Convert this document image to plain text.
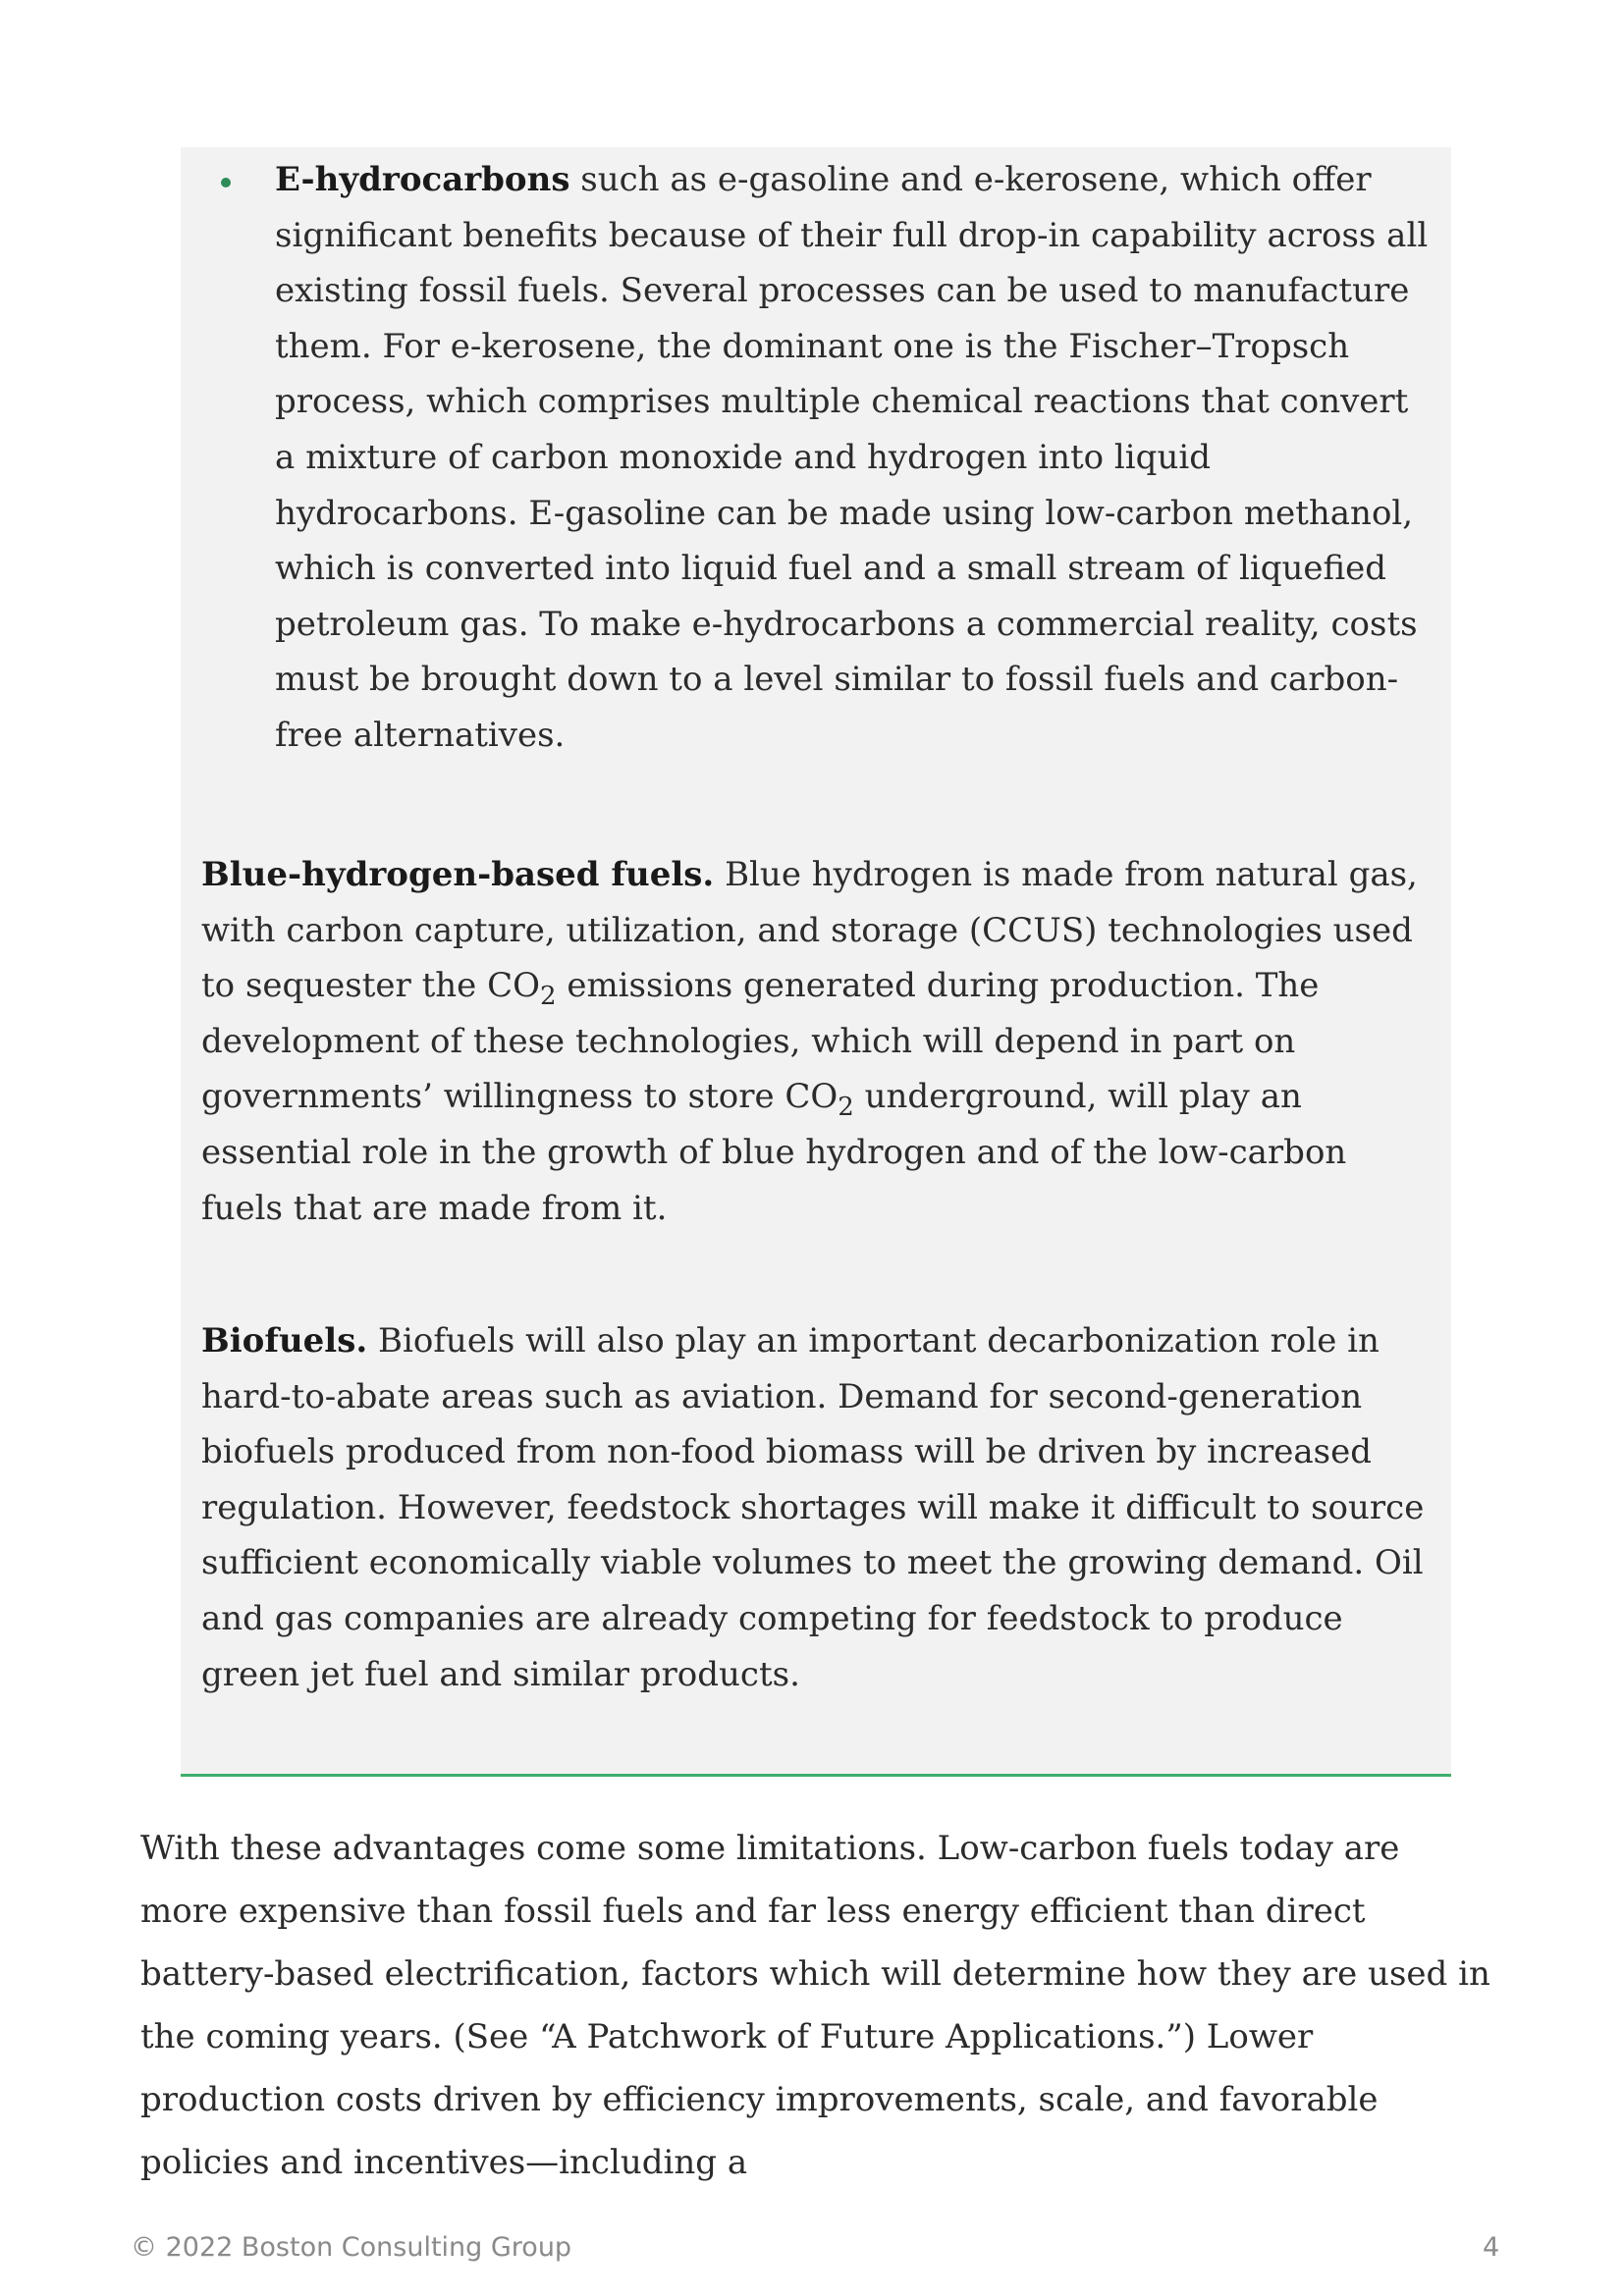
E-hydrocarbons such as e-gasoline and e-kerosene, which offer significant benefits because of their full drop-in capability across all existing fossil fuels. Several processes can be used to manufacture them. For e-kerosene, the dominant one is the Fischer–Tropsch process, which comprises multiple chemical reactions that convert a mixture of carbon monoxide and hydrogen into liquid hydrocarbons. E-gasoline can be made using low-carbon methanol, which is converted into liquid fuel and a small stream of liquefied petroleum gas. To make e-hydrocarbons a commercial reality, costs must be brought down to a level similar to fossil fuels and carbon-free alternatives.
Blue-hydrogen-based fuels. Blue hydrogen is made from natural gas, with carbon capture, utilization, and storage (CCUS) technologies used to sequester the $CO_2$ emissions generated during production. The development of these technologies, which will depend in part on governments’ willingness to store $CO_2$ underground, will play an essential role in the growth of blue hydrogen and of the low-carbon fuels that are made from it.
Biofuels. Biofuels will also play an important decarbonization role in hard-to-abate areas such as aviation. Demand for second-generation biofuels produced from non-food biomass will be driven by increased regulation. However, feedstock shortages will make it difficult to source sufficient economically viable volumes to meet the growing demand. Oil and gas companies are already competing for feedstock to produce green jet fuel and similar products.
With these advantages come some limitations. Low-carbon fuels today are more expensive than fossil fuels and far less energy efficient than direct battery-based electrification, factors which will determine how they are used in the coming years. (See “A Patchwork of Future Applications.”) Lower production costs driven by efficiency improvements, scale, and favorable policies and incentives—including a
© 2022 Boston Consulting Group	4
